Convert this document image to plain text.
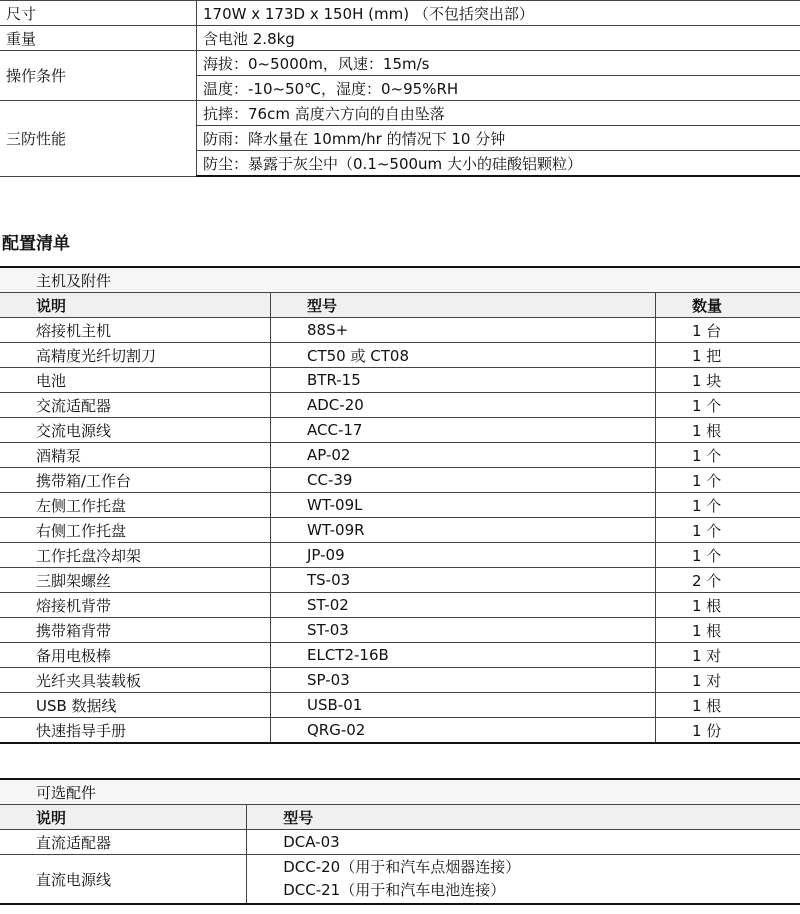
尺寸	170W x 173D x 150H (mm) （不包括突出部）
重量	含电池 2.8kg
操作条件	海拔：0~5000m，风速：15m/s
	温度：-10~50℃，湿度：0~95%RH
三防性能	抗摔：76cm 高度六方向的自由坠落
	防雨：降水量在 10mm/hr 的情况下 10 分钟
	防尘：暴露于灰尘中（0.1~500um 大小的硅酸铝颗粒）
配置清单
主机及附件		
说明	型号	数量
熔接机主机	88S+	1 台
高精度光纤切割刀	CT50 或 CT08	1 把
电池	BTR-15	1 块
交流适配器	ADC-20	1 个
交流电源线	ACC-17	1 根
酒精泵	AP-02	1 个
携带箱/工作台	CC-39	1 个
左侧工作托盘	WT-09L	1 个
右侧工作托盘	WT-09R	1 个
工作托盘冷却架	JP-09	1 个
三脚架螺丝	TS-03	2 个
熔接机背带	ST-02	1 根
携带箱背带	ST-03	1 根
备用电极棒	ELCT2-16B	1 对
光纤夹具装载板	SP-03	1 对
USB 数据线	USB-01	1 根
快速指导手册	QRG-02	1 份
可选配件	
说明	型号
直流适配器	DCA-03

直流电源线	DCC-20（用于和汽车点烟器连接）
DCC-21（用于和汽车电池连接）
